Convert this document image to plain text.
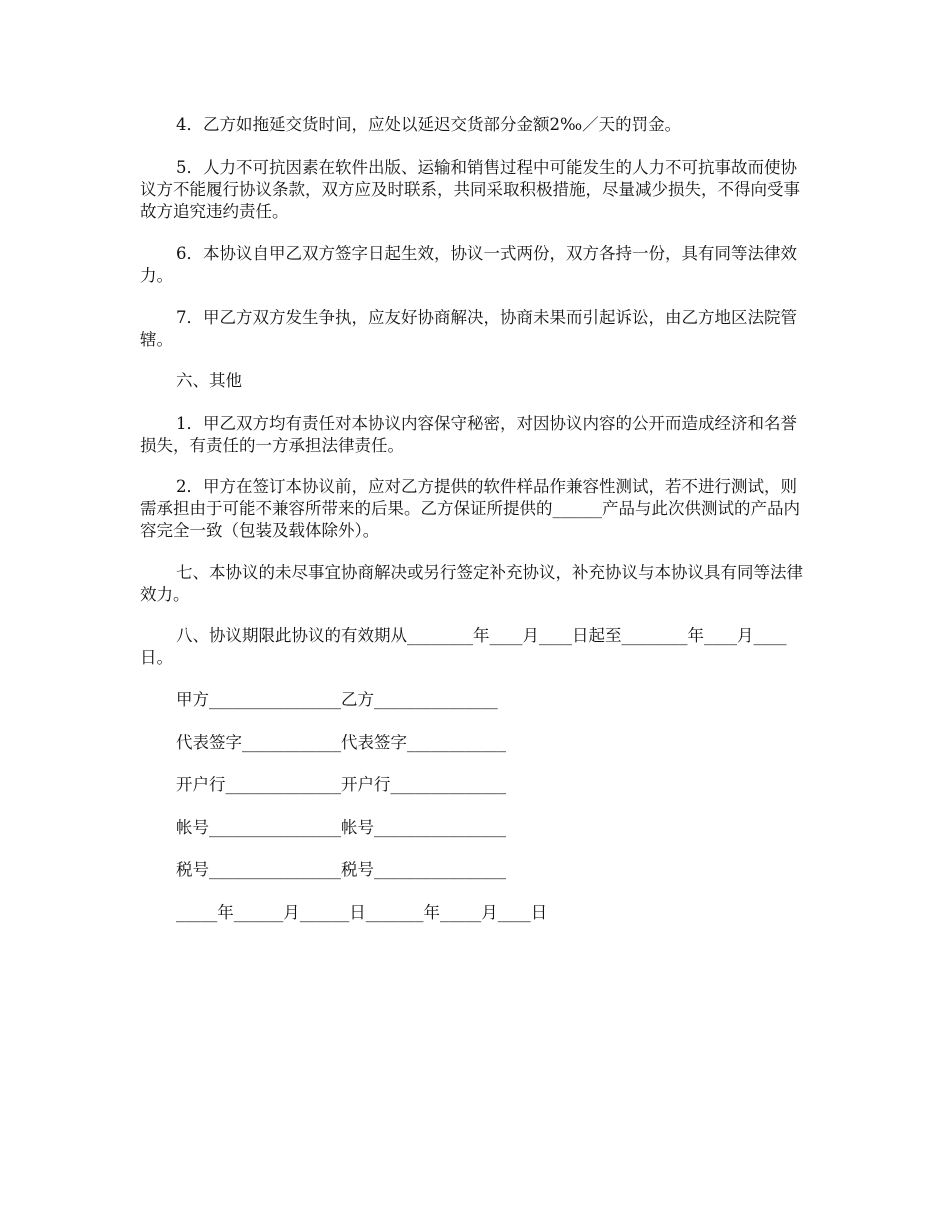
4．乙方如拖延交货时间，应处以延迟交货部分金额2‰／天的罚金。

5．人力不可抗因素在软件出版、运输和销售过程中可能发生的人力不可抗事故而使协议方不能履行协议条款，双方应及时联系，共同采取积极措施，尽量减少损失，不得向受事故方追究违约责任。

6．本协议自甲乙双方签字日起生效，协议一式两份，双方各持一份，具有同等法律效力。

7．甲乙方双方发生争执，应友好协商解决，协商未果而引起诉讼，由乙方地区法院管辖。

六、其他

1．甲乙双方均有责任对本协议内容保守秘密，对因协议内容的公开而造成经济和名誉损失，有责任的一方承担法律责任。

2．甲方在签订本协议前，应对乙方提供的软件样品作兼容性测试，若不进行测试，则需承担由于可能不兼容所带来的后果。乙方保证所提供的______产品与此次供测试的产品内容完全一致（包装及载体除外）。

七、本协议的未尽事宜协商解决或另行签定补充协议，补充协议与本协议具有同等法律效力。

八、协议期限此协议的有效期从________年____月____日起至________年____月____日。

甲方________________乙方_______________

代表签字____________代表签字____________

开户行______________开户行______________

帐号________________帐号________________

税号________________税号________________

_____年______月______日_______年_____月____日
